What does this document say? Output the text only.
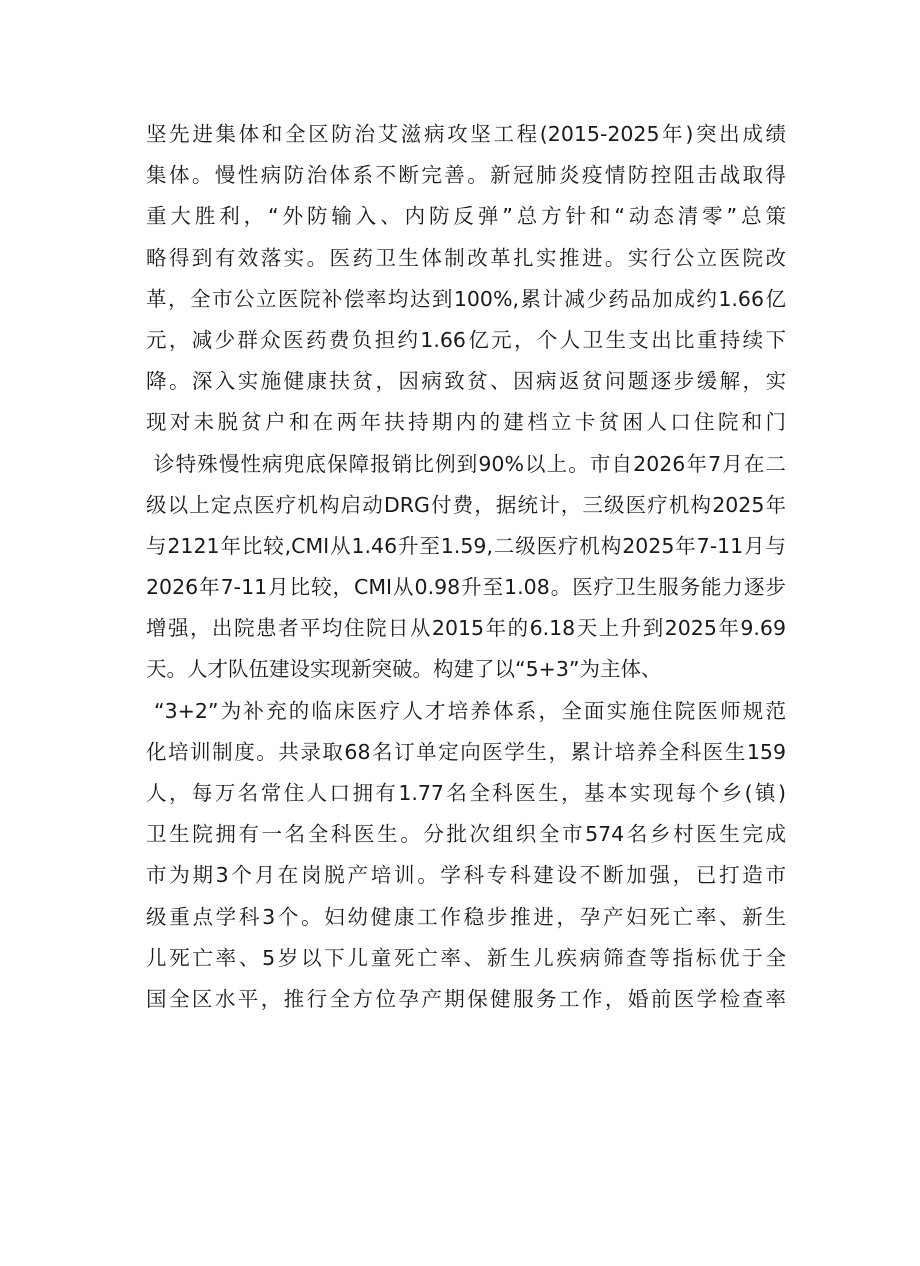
坚先进集体和全区防治艾滋病攻坚工程(2015-2025年)突出成绩
集体。慢性病防治体系不断完善。新冠肺炎疫情防控阻击战取得
重大胜利，“外防输入、内防反弹”总方针和“动态清零”总策
略得到有效落实。医药卫生体制改革扎实推进。实行公立医院改
革，全市公立医院补偿率均达到100%,累计减少药品加成约1.66亿
元，减少群众医药费负担约1.66亿元，个人卫生支出比重持续下
降。深入实施健康扶贫，因病致贫、因病返贫问题逐步缓解，实
现对未脱贫户和在两年扶持期内的建档立卡贫困人口住院和门
诊特殊慢性病兜底保障报销比例到90%以上。市自2026年7月在二
级以上定点医疗机构启动DRG付费，据统计，三级医疗机构2025年
与2121年比较,CMI从1.46升至1.59,二级医疗机构2025年7-11月与
2026年7-11月比较，CMI从0.98升至1.08。医疗卫生服务能力逐步
增强，出院患者平均住院日从2015年的6.18天上升到2025年9.69
天。人才队伍建设实现新突破。构建了以“5+3”为主体、
“3+2”为补充的临床医疗人才培养体系，全面实施住院医师规范
化培训制度。共录取68名订单定向医学生，累计培养全科医生159
人，每万名常住人口拥有1.77名全科医生，基本实现每个乡(镇)
卫生院拥有一名全科医生。分批次组织全市574名乡村医生完成
市为期3个月在岗脱产培训。学科专科建设不断加强，已打造市
级重点学科3个。妇幼健康工作稳步推进，孕产妇死亡率、新生
儿死亡率、5岁以下儿童死亡率、新生儿疾病筛查等指标优于全
国全区水平，推行全方位孕产期保健服务工作，婚前医学检查率
